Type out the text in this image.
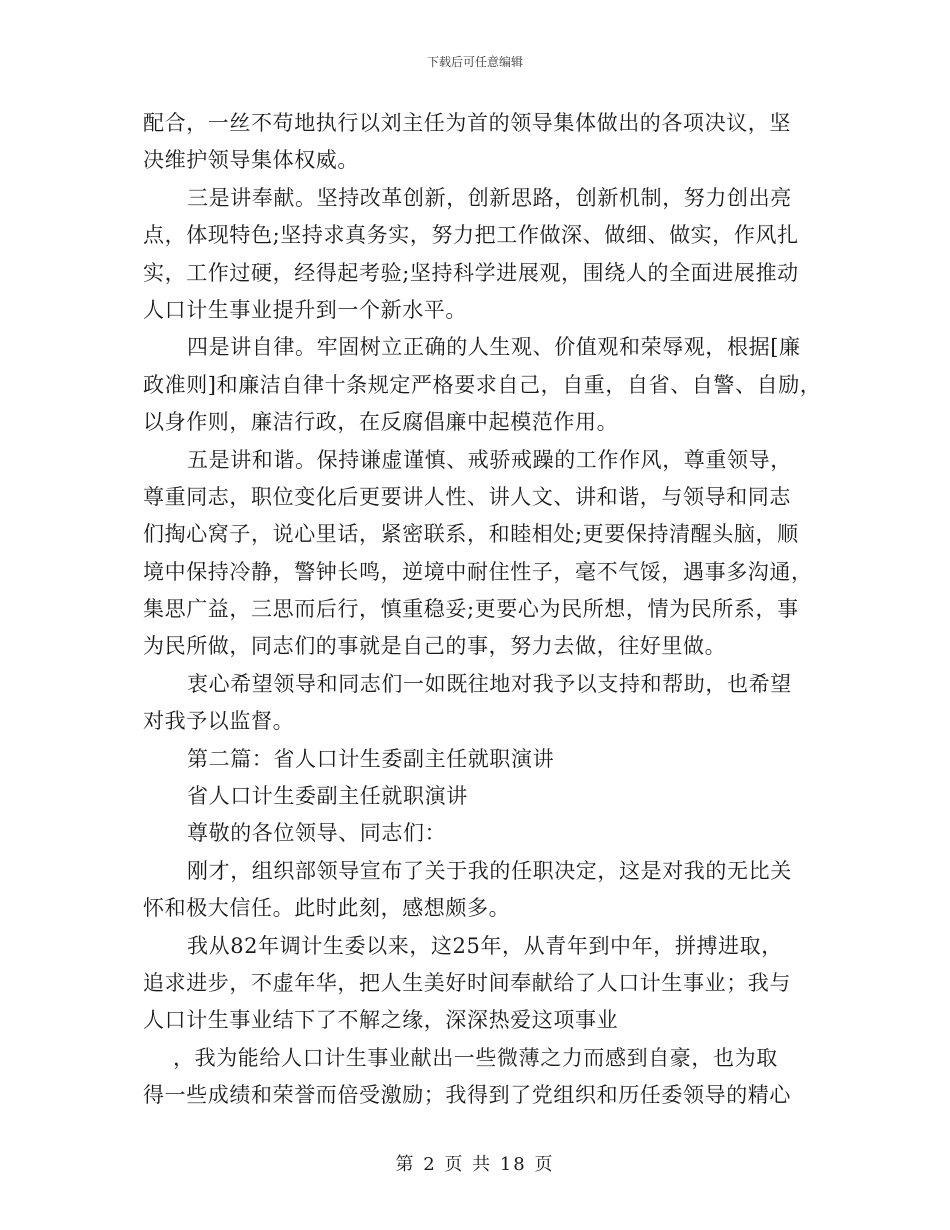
下载后可任意编辑
配合，一丝不苟地执行以刘主任为首的领导集体做出的各项决议，坚
决维护领导集体权威。
三是讲奉献。坚持改革创新，创新思路，创新机制，努力创出亮
点，体现特色;坚持求真务实，努力把工作做深、做细、做实，作风扎
实，工作过硬，经得起考验;坚持科学进展观，围绕人的全面进展推动
人口计生事业提升到一个新水平。
四是讲自律。牢固树立正确的人生观、价值观和荣辱观，根据[廉
政准则]和廉洁自律十条规定严格要求自己，自重，自省、自警、自励，
以身作则，廉洁行政，在反腐倡廉中起模范作用。
五是讲和谐。保持谦虚谨慎、戒骄戒躁的工作作风，尊重领导，
尊重同志，职位变化后更要讲人性、讲人文、讲和谐，与领导和同志
们掏心窝子，说心里话，紧密联系，和睦相处;更要保持清醒头脑，顺
境中保持冷静，警钟长鸣，逆境中耐住性子，毫不气馁，遇事多沟通，
集思广益，三思而后行，慎重稳妥;更要心为民所想，情为民所系，事
为民所做，同志们的事就是自己的事，努力去做，往好里做。
衷心希望领导和同志们一如既往地对我予以支持和帮助，也希望
对我予以监督。
第二篇：省人口计生委副主任就职演讲
省人口计生委副主任就职演讲
尊敬的各位领导、同志们：
刚才，组织部领导宣布了关于我的任职决定，这是对我的无比关
怀和极大信任。此时此刻，感想颇多。
我从82年调计生委以来，这25年，从青年到中年，拼搏进取，
追求进步，不虚年华，把人生美好时间奉献给了人口计生事业；我与
人口计生事业结下了不解之缘，深深热爱这项事业
，我为能给人口计生事业献出一些微薄之力而感到自豪，也为取
得一些成绩和荣誉而倍受激励；我得到了党组织和历任委领导的精心
第 2 页 共 18 页
